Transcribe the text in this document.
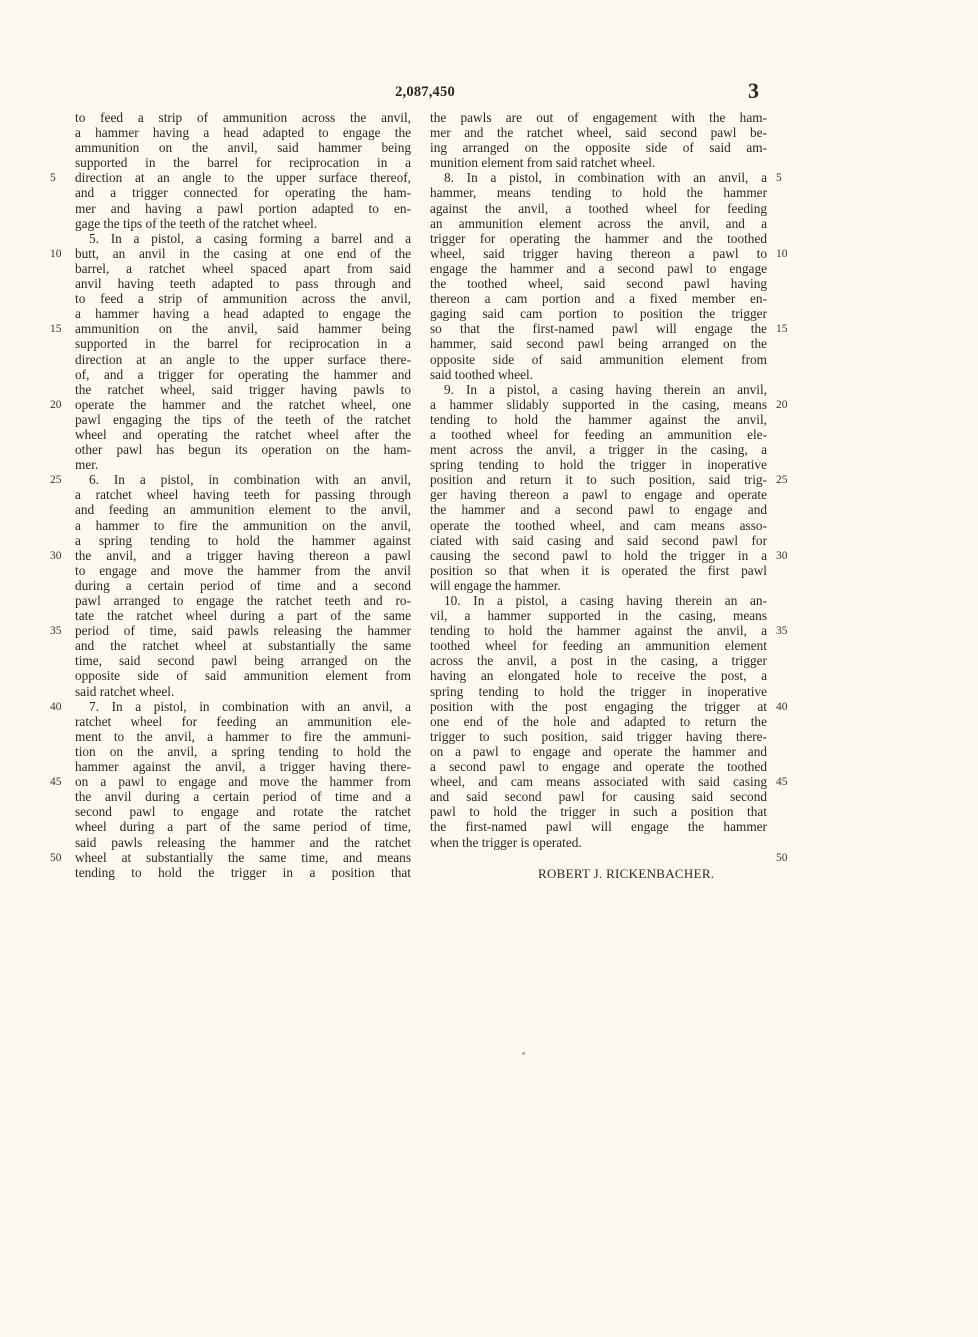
2,087,450	3
to feed a strip of ammunition across the anvil,
a hammer having a head adapted to engage the
ammunition on the anvil, said hammer being
supported in the barrel for reciprocation in a
direction at an angle to the upper surface thereof,
and a trigger connected for operating the ham-
mer and having a pawl portion adapted to en-
gage the tips of the teeth of the ratchet wheel.
5. In a pistol, a casing forming a barrel and a
butt, an anvil in the casing at one end of the
barrel, a ratchet wheel spaced apart from said
anvil having teeth adapted to pass through and
to feed a strip of ammunition across the anvil,
a hammer having a head adapted to engage the
ammunition on the anvil, said hammer being
supported in the barrel for reciprocation in a
direction at an angle to the upper surface there-
of, and a trigger for operating the hammer and
the ratchet wheel, said trigger having pawls to
operate the hammer and the ratchet wheel, one
pawl engaging the tips of the teeth of the ratchet
wheel and operating the ratchet wheel after the
other pawl has begun its operation on the ham-
mer.
6. In a pistol, in combination with an anvil,
a ratchet wheel having teeth for passing through
and feeding an ammunition element to the anvil,
a hammer to fire the ammunition on the anvil,
a spring tending to hold the hammer against
the anvil, and a trigger having thereon a pawl
to engage and move the hammer from the anvil
during a certain period of time and a second
pawl arranged to engage the ratchet teeth and ro-
tate the ratchet wheel during a part of the same
period of time, said pawls releasing the hammer
and the ratchet wheel at substantially the same
time, said second pawl being arranged on the
opposite side of said ammunition element from
said ratchet wheel.
7. In a pistol, in combination with an anvil, a
ratchet wheel for feeding an ammunition ele-
ment to the anvil, a hammer to fire the ammuni-
tion on the anvil, a spring tending to hold the
hammer against the anvil, a trigger having there-
on a pawl to engage and move the hammer from
the anvil during a certain period of time and a
second pawl to engage and rotate the ratchet
wheel during a part of the same period of time,
said pawls releasing the hammer and the ratchet
wheel at substantially the same time, and means
tending to hold the trigger in a position that
the pawls are out of engagement with the ham-
mer and the ratchet wheel, said second pawl be-
ing arranged on the opposite side of said am-
munition element from said ratchet wheel.
8. In a pistol, in combination with an anvil, a
hammer, means tending to hold the hammer
against the anvil, a toothed wheel for feeding
an ammunition element across the anvil, and a
trigger for operating the hammer and the toothed
wheel, said trigger having thereon a pawl to
engage the hammer and a second pawl to engage
the toothed wheel, said second pawl having
thereon a cam portion and a fixed member en-
gaging said cam portion to position the trigger
so that the first-named pawl will engage the
hammer, said second pawl being arranged on the
opposite side of said ammunition element from
said toothed wheel.
9. In a pistol, a casing having therein an anvil,
a hammer slidably supported in the casing, means
tending to hold the hammer against the anvil,
a toothed wheel for feeding an ammunition ele-
ment across the anvil, a trigger in the casing, a
spring tending to hold the trigger in inoperative
position and return it to such position, said trig-
ger having thereon a pawl to engage and operate
the hammer and a second pawl to engage and
operate the toothed wheel, and cam means asso-
ciated with said casing and said second pawl for
causing the second pawl to hold the trigger in a
position so that when it is operated the first pawl
will engage the hammer.
10. In a pistol, a casing having therein an an-
vil, a hammer supported in the casing, means
tending to hold the hammer against the anvil, a
toothed wheel for feeding an ammunition element
across the anvil, a post in the casing, a trigger
having an elongated hole to receive the post, a
spring tending to hold the trigger in inoperative
position with the post engaging the trigger at
one end of the hole and adapted to return the
trigger to such position, said trigger having there-
on a pawl to engage and operate the hammer and
a second pawl to engage and operate the toothed
wheel, and cam means associated with said casing
and said second pawl for causing said second
pawl to hold the trigger in such a position that
the first-named pawl will engage the hammer
when the trigger is operated.
5
10
15
20
25
30
35
40
45
50
5
10
15
20
25
30
35
40
45
50
ROBERT J. RICKENBACHER.
